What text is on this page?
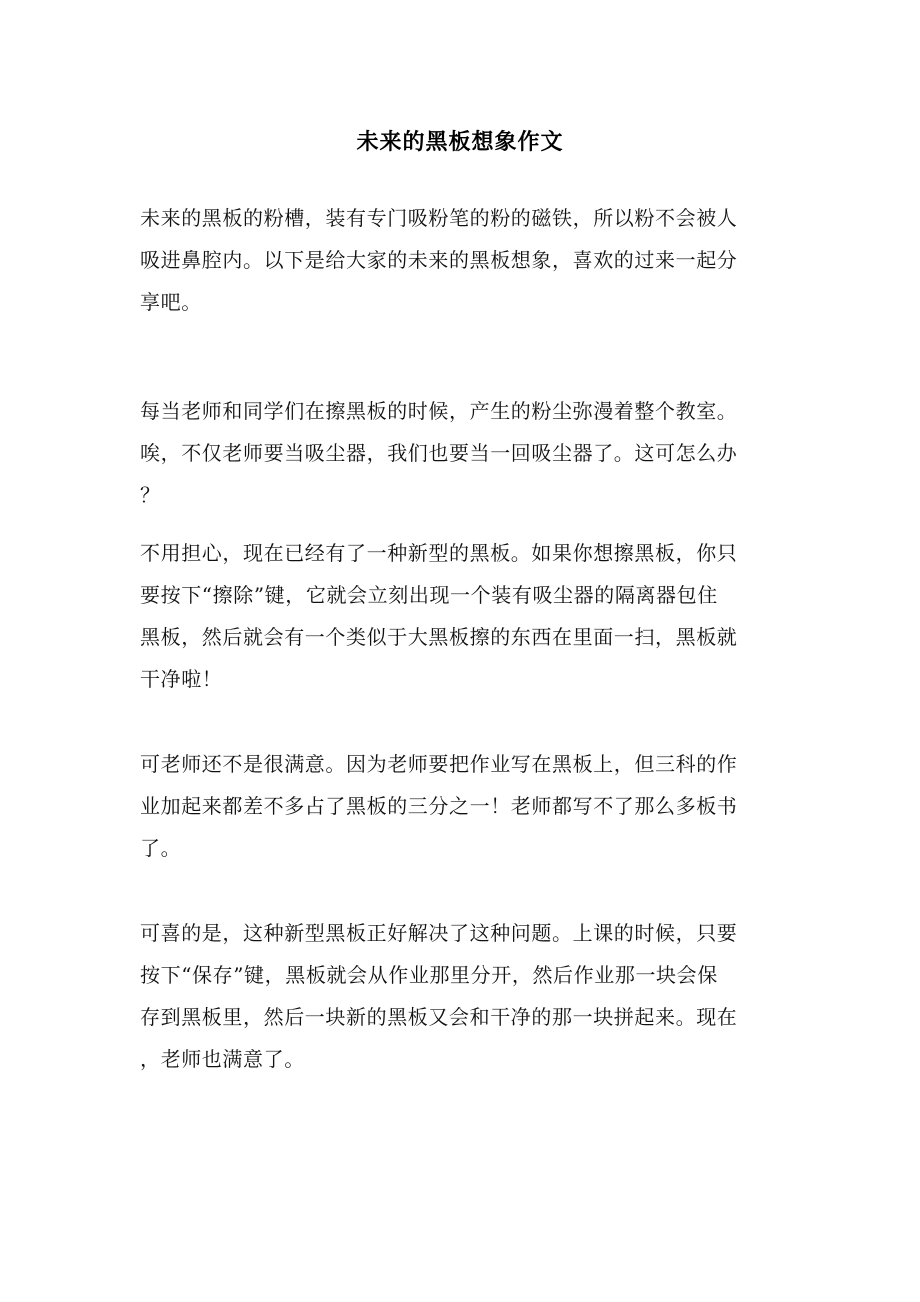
未来的黑板想象作文
未来的黑板的粉槽，装有专门吸粉笔的粉的磁铁，所以粉不会被人
吸进鼻腔内。以下是给大家的未来的黑板想象，喜欢的过来一起分
享吧。
每当老师和同学们在擦黑板的时候，产生的粉尘弥漫着整个教室。
唉，不仅老师要当吸尘器，我们也要当一回吸尘器了。这可怎么办
？
不用担心，现在已经有了一种新型的黑板。如果你想擦黑板，你只
要按下“擦除”键，它就会立刻出现一个装有吸尘器的隔离器包住
黑板，然后就会有一个类似于大黑板擦的东西在里面一扫，黑板就
干净啦！
可老师还不是很满意。因为老师要把作业写在黑板上，但三科的作
业加起来都差不多占了黑板的三分之一！老师都写不了那么多板书
了。
可喜的是，这种新型黑板正好解决了这种问题。上课的时候，只要
按下“保存”键，黑板就会从作业那里分开，然后作业那一块会保
存到黑板里，然后一块新的黑板又会和干净的那一块拼起来。现在
，老师也满意了。
